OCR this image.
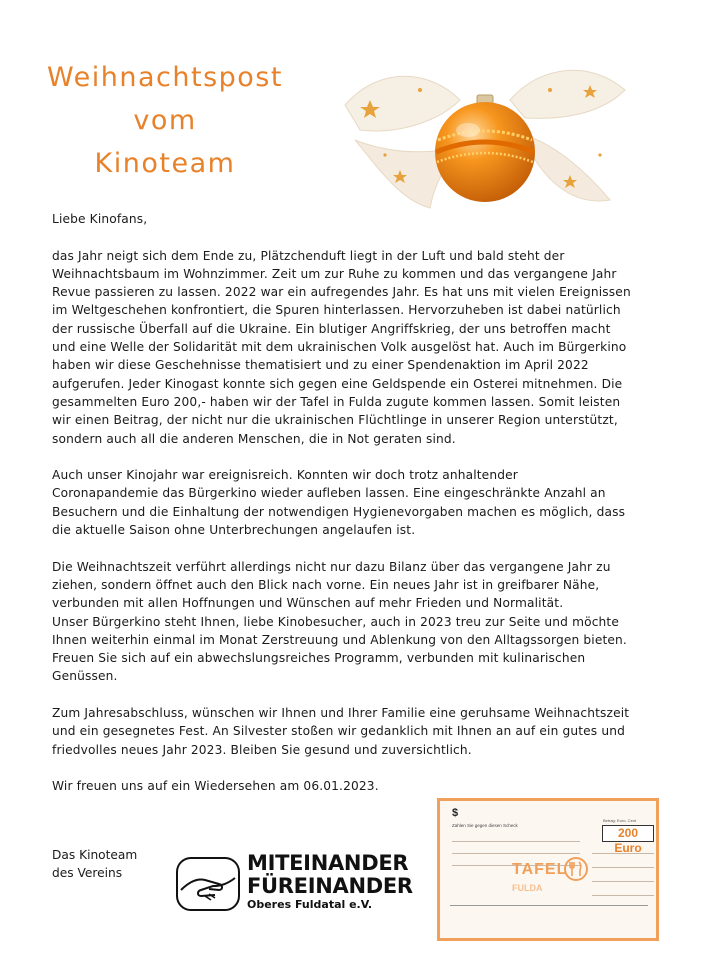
Weihnachtspost
vom
Kinoteam

Liebe Kinofans,

das Jahr neigt sich dem Ende zu, Plätzchenduft liegt in der Luft und bald steht der
Weihnachtsbaum im Wohnzimmer. Zeit um zur Ruhe zu kommen und das vergangene Jahr
Revue passieren zu lassen. 2022 war ein aufregendes Jahr. Es hat uns mit vielen Ereignissen
im Weltgeschehen konfrontiert, die Spuren hinterlassen. Hervorzuheben ist dabei natürlich
der russische Überfall auf die Ukraine. Ein blutiger Angriffskrieg, der uns betroffen macht
und eine Welle der Solidarität mit dem ukrainischen Volk ausgelöst hat. Auch im Bürgerkino
haben wir diese Geschehnisse thematisiert und zu einer Spendenaktion im April 2022
aufgerufen. Jeder Kinogast konnte sich gegen eine Geldspende ein Osterei mitnehmen. Die
gesammelten Euro 200,- haben wir der Tafel in Fulda zugute kommen lassen. Somit leisten
wir einen Beitrag, der nicht nur die ukrainischen Flüchtlinge in unserer Region unterstützt,
sondern auch all die anderen Menschen, die in Not geraten sind.

Auch unser Kinojahr war ereignisreich. Konnten wir doch trotz anhaltender
Coronapandemie das Bürgerkino wieder aufleben lassen. Eine eingeschränkte Anzahl an
Besuchern und die Einhaltung der notwendigen Hygienevorgaben machen es möglich, dass
die aktuelle Saison ohne Unterbrechungen angelaufen ist.

Die Weihnachtszeit verführt allerdings nicht nur dazu Bilanz über das vergangene Jahr zu
ziehen, sondern öffnet auch den Blick nach vorne. Ein neues Jahr ist in greifbarer Nähe,
verbunden mit allen Hoffnungen und Wünschen auf mehr Frieden und Normalität.
Unser Bürgerkino steht Ihnen, liebe Kinobesucher, auch in 2023 treu zur Seite und möchte
Ihnen weiterhin einmal im Monat Zerstreuung und Ablenkung von den Alltagssorgen bieten.
Freuen Sie sich auf ein abwechslungsreiches Programm, verbunden mit kulinarischen
Genüssen.

Zum Jahresabschluss, wünschen wir Ihnen und Ihrer Familie eine geruhsame Weihnachtszeit
und ein gesegnetes Fest. An Silvester stoßen wir gedanklich mit Ihnen an auf ein gutes und
friedvolles neues Jahr 2023. Bleiben Sie gesund und zuversichtlich.

Wir freuen uns auf ein Wiedersehen am 06.01.2023.

Das Kinoteam
des Vereins	MITEINANDER
FÜREINANDER
Oberes Fuldatal e.V.
$
Zahlen Sie gegen diesen Scheck
Betrag: Euro, Cent
200 Euro
TAFEL
FULDA
